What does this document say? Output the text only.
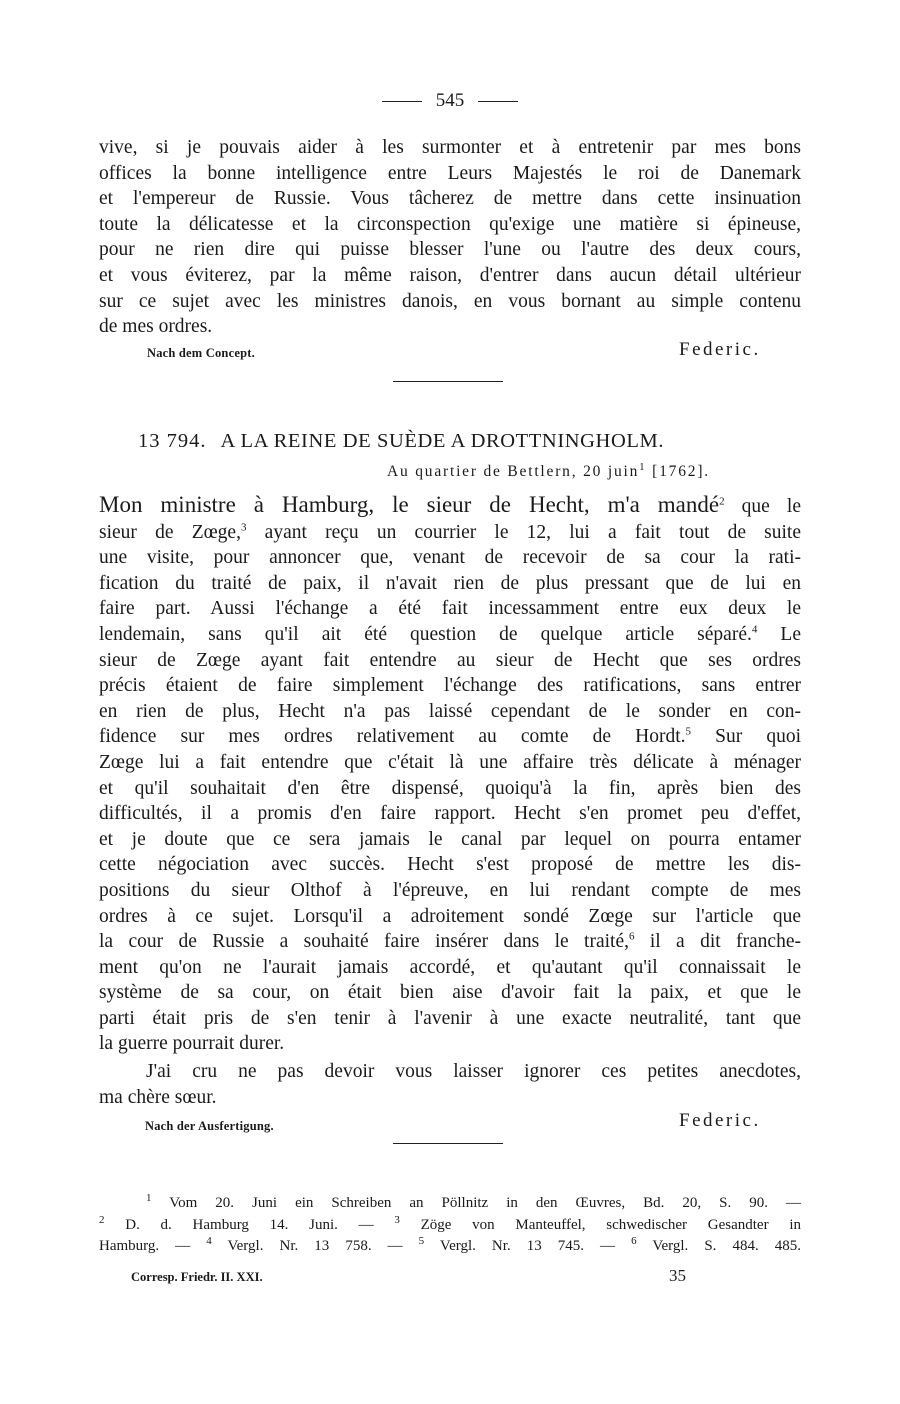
545
vive, si je pouvais aider à les surmonter et à entretenir par mes bons
offices la bonne intelligence entre Leurs Majestés le roi de Danemark
et l'empereur de Russie. Vous tâcherez de mettre dans cette insinuation
toute la délicatesse et la circonspection qu'exige une matière si épineuse,
pour ne rien dire qui puisse blesser l'une ou l'autre des deux cours,
et vous éviterez, par la même raison, d'entrer dans aucun détail ultérieur
sur ce sujet avec les ministres danois, en vous bornant au simple contenu
de mes ordres.
Nach dem Concept.	Federic.
13 794. A LA REINE DE SUÈDE A DROTTNINGHOLM.
Au quartier de Bettlern, 20 juin$^1$ [1762].
Mon ministre à Hamburg, le sieur de Hecht, m'a mandé$^2$ que le
sieur de Zœge,$^3$ ayant reçu un courrier le 12, lui a fait tout de suite
une visite, pour annoncer que, venant de recevoir de sa cour la rati-
fication du traité de paix, il n'avait rien de plus pressant que de lui en
faire part. Aussi l'échange a été fait incessamment entre eux deux le
lendemain, sans qu'il ait été question de quelque article séparé.$^4$ Le
sieur de Zœge ayant fait entendre au sieur de Hecht que ses ordres
précis étaient de faire simplement l'échange des ratifications, sans entrer
en rien de plus, Hecht n'a pas laissé cependant de le sonder en con-
fidence sur mes ordres relativement au comte de Hordt.$^5$ Sur quoi
Zœge lui a fait entendre que c'était là une affaire très délicate à ménager
et qu'il souhaitait d'en être dispensé, quoiqu'à la fin, après bien des
difficultés, il a promis d'en faire rapport. Hecht s'en promet peu d'effet,
et je doute que ce sera jamais le canal par lequel on pourra entamer
cette négociation avec succès. Hecht s'est proposé de mettre les dis-
positions du sieur Olthof à l'épreuve, en lui rendant compte de mes
ordres à ce sujet. Lorsqu'il a adroitement sondé Zœge sur l'article que
la cour de Russie a souhaité faire insérer dans le traité,$^6$ il a dit franche-
ment qu'on ne l'aurait jamais accordé, et qu'autant qu'il connaissait le
système de sa cour, on était bien aise d'avoir fait la paix, et que le
parti était pris de s'en tenir à l'avenir à une exacte neutralité, tant que
la guerre pourrait durer.
J'ai cru ne pas devoir vous laisser ignorer ces petites anecdotes,
ma chère sœur.
Nach der Ausfertigung.	Federic.
$^1$ Vom 20. Juni ein Schreiben an Pöllnitz in den Œuvres, Bd. 20, S. 90. —
$^2$ D. d. Hamburg 14. Juni. — $^3$ Zöge von Manteuffel, schwedischer Gesandter in
Hamburg. — $^4$ Vergl. Nr. 13 758. — $^5$ Vergl. Nr. 13 745. — $^6$ Vergl. S. 484. 485.
Corresp. Friedr. II. XXI.	35
